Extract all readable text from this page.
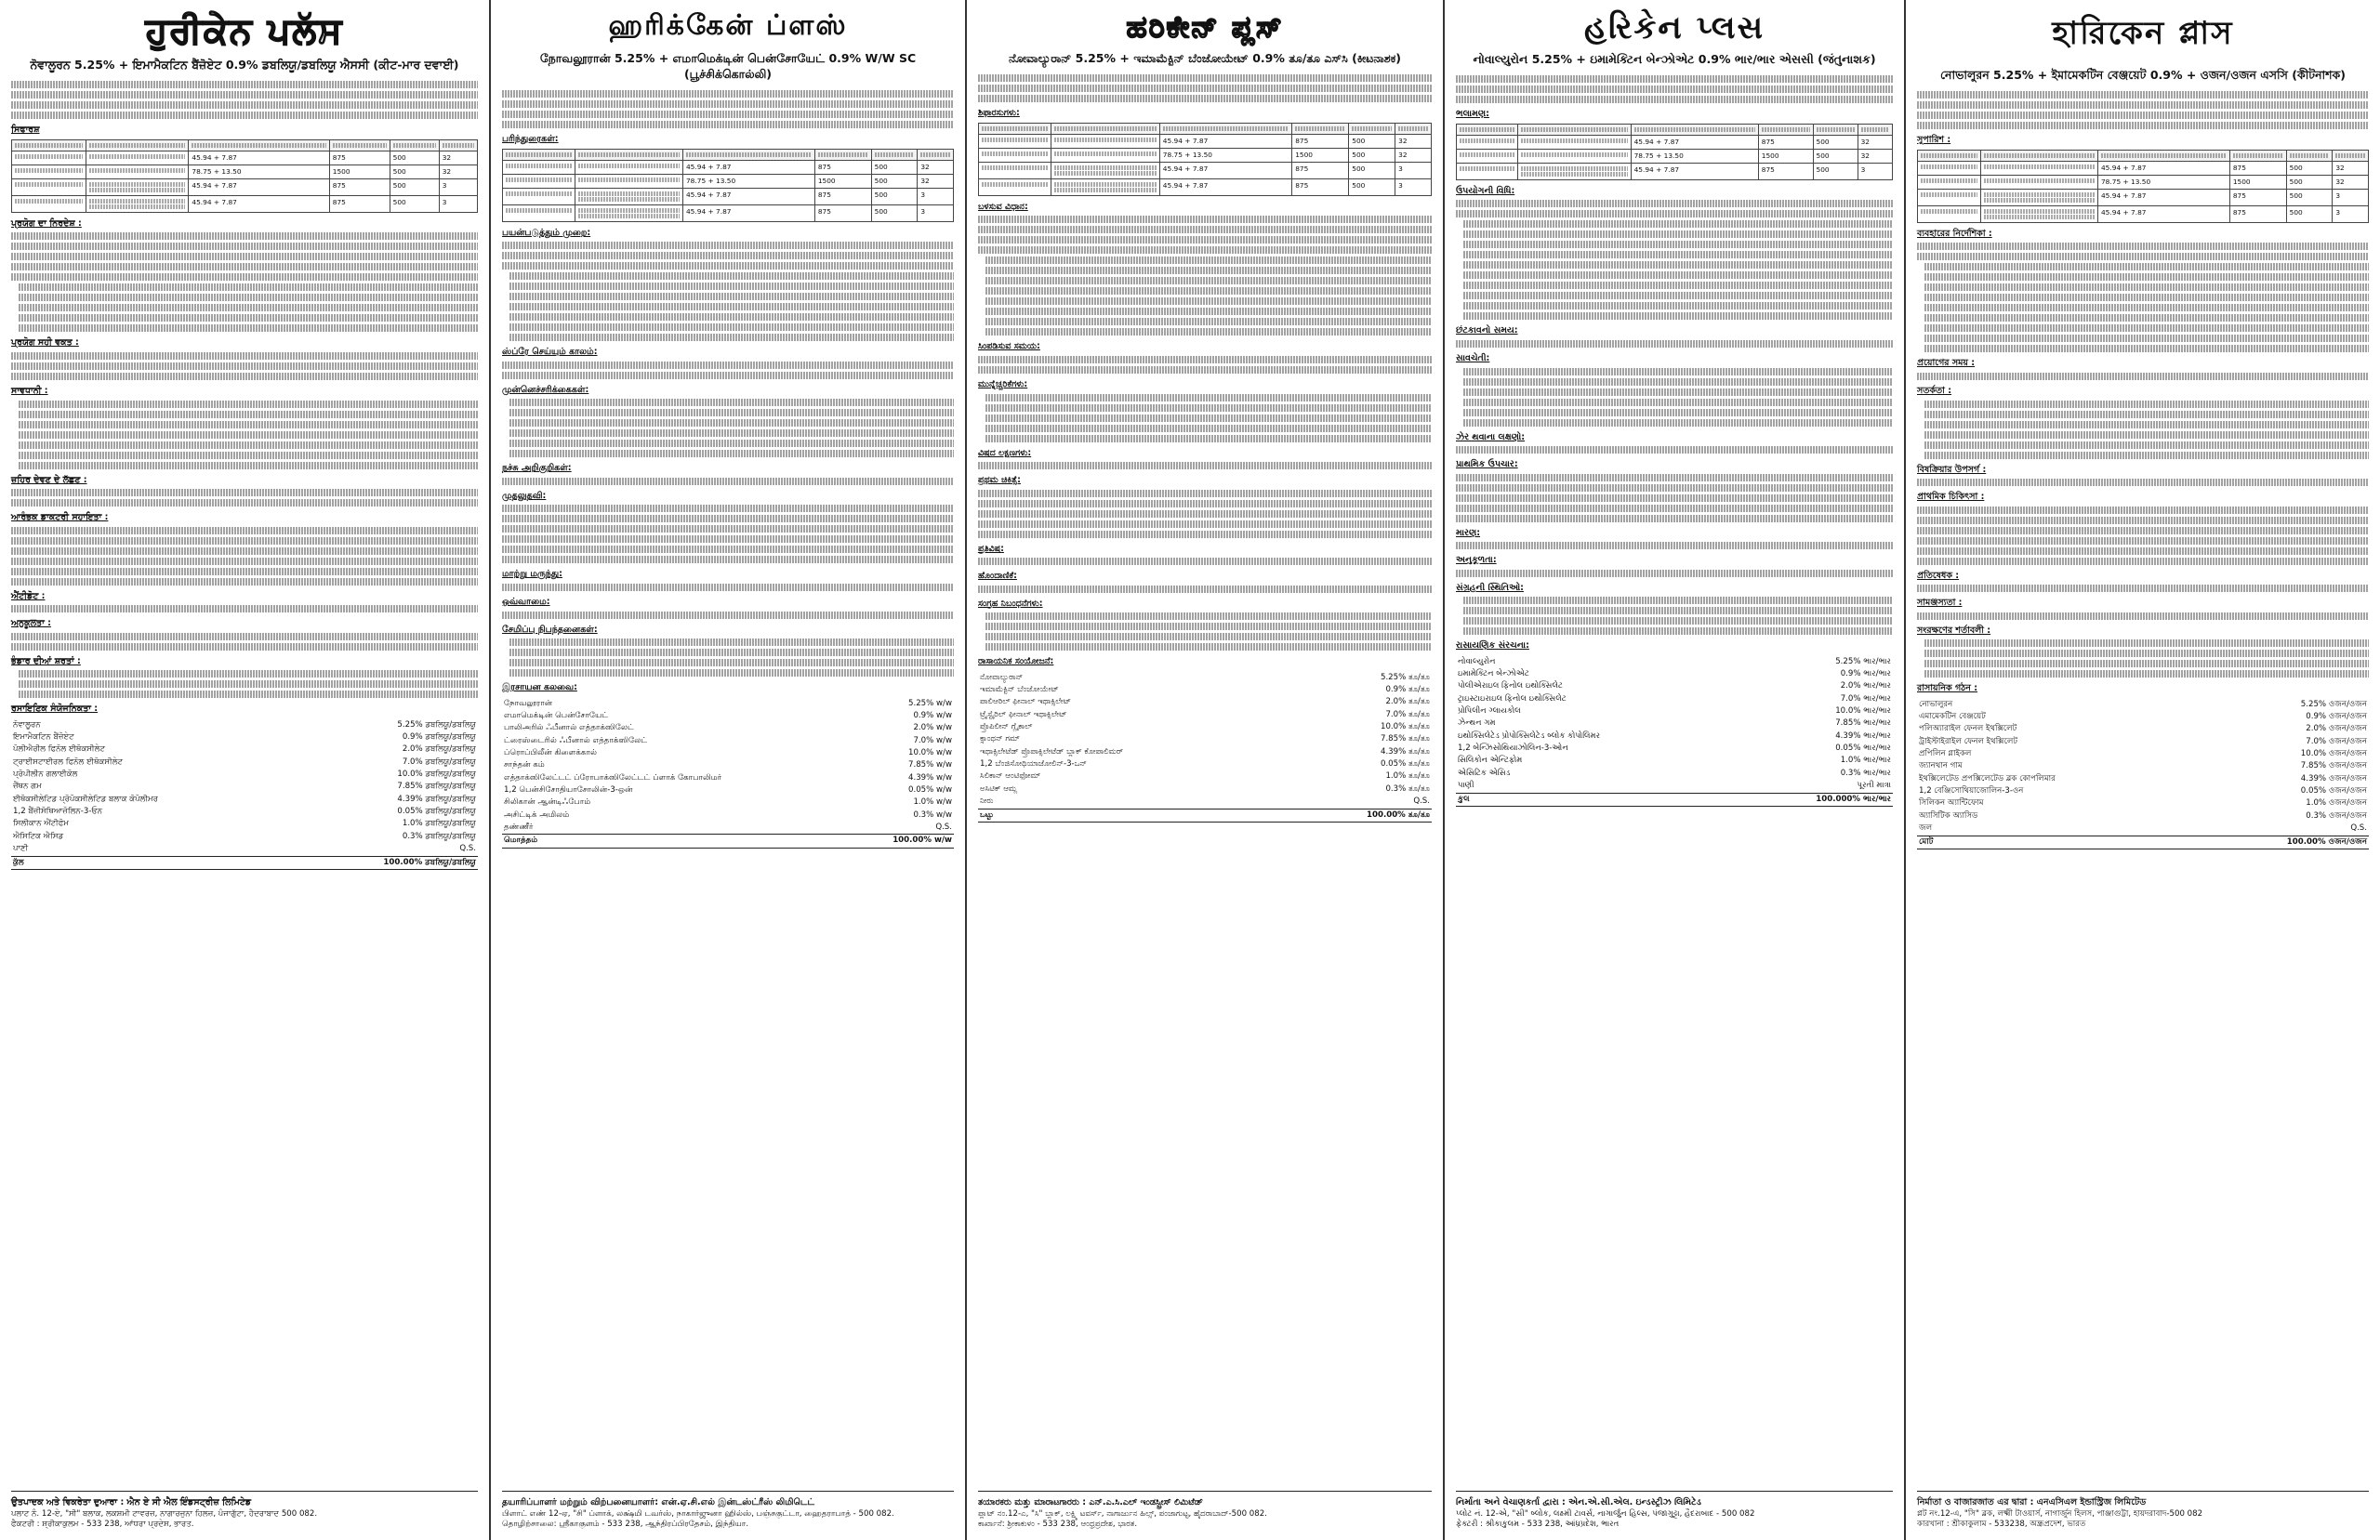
ਹੁਰੀਕੇਨ ਪਲੱਸ

ਨੋਵਾਲੂਰਨ 5.25% + ਇਮਾਮੈਕਟਿਨ ਬੈਂਜ਼ੋਏਟ 0.9% ਡਬਲਿਯੂ/ਡਬਲਿਯੂ ਐਸਸੀ (ਕੀਟ-ਮਾਰ ਦਵਾਈ)

ਸਿਫਾਰਸ਼

	45.94 + 7.87	875	500	32

	78.75 + 13.50	1500	500	32

	45.94 + 7.87	875	500	3

	45.94 + 7.87	875	500	3
ਪ੍ਰਯੋਗ ਦਾ ਨਿਰਦੇਸ਼ :
ਪ੍ਰਯੋਗ ਸਹੀ ਵਕਤ :
ਸਾਵਧਾਨੀ :
ਜ਼ਹਿਰ ਦੇਵਣ ਦੇ ਲੱਛਣ :
ਆਰੰਭਕ ਡਾਕਟਰੀ ਸਹਾਇਤਾ :
ਐਂਟੀਡੋਟ :
ਅਨੁਕੂਲਤਾ :
ਭੰਡਾਰ ਦੀਆਂ ਸ਼ਰਤਾਂ :
ਰਸਾਇਣਿਕ ਸੰਯੋਜਨਿਕਤਾ :
ਨੋਵਾਲੂਰਨ	5.25% ਡਬਲਿਯੂ/ਡਬਲਿਯੂ
ਇਮਾਮੈਕਟਿਨ ਬੈਂਜ਼ੋਏਟ	0.9% ਡਬਲਿਯੂ/ਡਬਲਿਯੂ
ਪੋਲੀਐਰੀਲ ਫਿਨੋਲ ਈਥੋਕਸੀਲੇਟ	2.0% ਡਬਲਿਯੂ/ਡਬਲਿਯੂ
ਟ੍ਰਾਈਸਟਾਈਰਲ ਫਿਨੋਲ ਈਥੋਕਸੀਲੇਟ	7.0% ਡਬਲਿਯੂ/ਡਬਲਿਯੂ
ਪ੍ਰੋਪੀਲੀਨ ਗਲਾਈਕੋਲ	10.0% ਡਬਲਿਯੂ/ਡਬਲਿਯੂ
ਜ਼ੈਂਥਨ ਗਮ	7.85% ਡਬਲਿਯੂ/ਡਬਲਿਯੂ
ਈਥੋਕਸੀਲੇਟਿਡ ਪ੍ਰੋਪੋਕਸੀਲੇਟਿਡ ਬਲਾਕ ਕੋਪੋਲੀਮਰ	4.39% ਡਬਲਿਯੂ/ਡਬਲਿਯੂ
1,2 ਬੈਂਜ਼ੀਸੋਥਿਆਜ਼ੋਲਿਨ-3-ਓਨ	0.05% ਡਬਲਿਯੂ/ਡਬਲਿਯੂ
ਸਿਲੀਕਾਨ ਐਂਟੀਫੋਮ	1.0% ਡਬਲਿਯੂ/ਡਬਲਿਯੂ
ਐਸਿਟਿਕ ਐਸਿਡ	0.3% ਡਬਲਿਯੂ/ਡਬਲਿਯੂ
ਪਾਣੀ	Q.S.
ਕੁੱਲ	100.00% ਡਬਲਿਯੂ/ਡਬਲਿਯੂ
ਉਤਪਾਦਕ ਅਤੇ ਵਿਕਰੇਤਾ ਦੁਆਰਾ : ਐਨ ਏ ਸੀ ਐਲ ਇੰਡਸਟ੍ਰੀਜ਼ ਲਿਮਿਟੇਡ
ਪਲਾਟ ਨੰ. 12-ਏ, "ਸੀ" ਬਲਾਕ, ਲਕਸ਼ਮੀ ਟਾਵਰਜ਼, ਨਾਗਾਰਜੁਨਾ ਹਿਲਜ਼, ਪੰਜਾਗੁੱਟਾ, ਹੈਦਰਾਬਾਦ 500 082.
ਫੈਕਟਰੀ : ਸ਼੍ਰੀਕਾਕੁਲਮ - 533 238, ਆਂਧਰਾ ਪ੍ਰਦੇਸ਼, ਭਾਰਤ.
ஹரிக்கேன் ப்ளஸ்

நோவலூரான் 5.25% + எமாமெக்டின் பென்சோயேட் 0.9% W/W SC (பூச்சிக்கொல்லி)

பரிந்துரைகள்:

	45.94 + 7.87	875	500	32

	78.75 + 13.50	1500	500	32

	45.94 + 7.87	875	500	3

	45.94 + 7.87	875	500	3
பயன்படுத்தும் முறை:
ஸ்ப்ரே செய்யும் காலம்:
முன்னெச்சரிக்கைகள்:
நச்சு அறிகுறிகள்:
முதலுதவி:
மாற்று மருந்து:
ஒவ்வாமை:
சேமிப்பு நிபந்தனைகள்:
இரசாயன கலவை:
நோவலூரான்	5.25% w/w
எமாமெக்டின் பென்சோயேட்	0.9% w/w
பாலிஅரில் ஃபீனால் எத்தாக்ஸிலேட்	2.0% w/w
ட்ரைஸ்டைரில் ஃபீனால் எத்தாக்ஸிலேட்	7.0% w/w
ப்ரொப்பிலீன் கிளைக்கால்	10.0% w/w
சாந்தன் கம்	7.85% w/w
எத்தாக்ஸிலேட்டட் ப்ரோபாக்ஸிலேட்டட் ப்ளாக் கோபாலிமர்	4.39% w/w
1,2 பென்சிசோதியாசோலின்-3-ஒன்	0.05% w/w
சிலிகான் ஆன்டிஃபோம்	1.0% w/w
அசிட்டிக் அமிலம்	0.3% w/w
தண்ணீர்	Q.S.
மொத்தம்	100.00% w/w
தயாரிப்பாளர் மற்றும் விற்பனையாளர்: என்.ஏ.சி.எல் இன்டஸ்ட்ரீஸ் லிமிடெட்
பிளாட் எண் 12-ஏ, "சி" ப்ளாக், லக்ஷ்மி டவர்ஸ், நாகார்ஜுனா ஹில்ஸ், பஞ்சகுட்டா, ஹைதராபாத் - 500 082.
தொழிற்சாலை: ஸ்ரீகாகுளம் - 533 238, ஆந்திரப்பிரதேசம், இந்தியா.
ಹರಿಕೇನ್ ಪ್ಲಸ್

ನೋವಾಲ್ಯುರಾನ್ 5.25% + ಇಮಾಮೆಕ್ಟಿನ್ ಬೆಂಜೋಯೇಟ್ 0.9% ತೂ/ತೂ ಎಸ್‌ಸಿ (ಕೀಟನಾಶಕ)

ಶಿಫಾರಸುಗಳು:

	45.94 + 7.87	875	500	32

	78.75 + 13.50	1500	500	32

	45.94 + 7.87	875	500	3

	45.94 + 7.87	875	500	3
ಬಳಸುವ ವಿಧಾನ:
ಸಿಂಪಡಿಸುವ ಸಮಯ:
ಮುನ್ನೆಚ್ಚರಿಕೆಗಳು:
ವಿಷದ ಲಕ್ಷಣಗಳು:
ಪ್ರಥಮ ಚಿಕಿತ್ಸೆ:
ಪ್ರತಿವಿಷ:
ಹೊಂದಾಣಿಕೆ:
ಸಂಗ್ರಹ ನಿಬಂಧನೆಗಳು:
ರಾಸಾಯನಿಕ ಸಂಯೋಜನೆ:
ನೋವಾಲ್ಯುರಾನ್	5.25% ತೂ/ತೂ
ಇಮಾಮೆಕ್ಟಿನ್ ಬೆಂಜೋಯೇಟ್	0.9% ತೂ/ತೂ
ಪಾಲಿಆರಿಲ್ ಫೀನಾಲ್ ಇಥಾಕ್ಸಿಲೇಟ್	2.0% ತೂ/ತೂ
ಟ್ರೈಸ್ಟೈರಿಲ್ ಫೀನಾಲ್ ಇಥಾಕ್ಸಿಲೇಟ್	7.0% ತೂ/ತೂ
ಪ್ರೊಪಿಲೀನ್ ಗ್ಲೈಕಾಲ್	10.0% ತೂ/ತೂ
ಕ್ಸಾಂಥನ್ ಗಮ್	7.85% ತೂ/ತೂ
ಇಥಾಕ್ಸಿಲೇಟೆಡ್ ಪ್ರೊಪಾಕ್ಸಿಲೇಟೆಡ್ ಬ್ಲಾಕ್ ಕೋಪಾಲಿಮರ್	4.39% ತೂ/ತೂ
1,2 ಬೆಂಜಿಸೋಥಿಯಾಜೋಲಿನ್-3-ಒನ್	0.05% ತೂ/ತೂ
ಸಿಲಿಕಾನ್ ಆಂಟಿಫೋಮ್	1.0% ತೂ/ತೂ
ಅಸಿಟಿಕ್ ಆಮ್ಲ	0.3% ತೂ/ತೂ
ನೀರು	Q.S.
ಒಟ್ಟು	100.00% ತೂ/ತೂ
ತಯಾರಕರು ಮತ್ತು ಮಾರಾಟಗಾರರು : ಎನ್.ಎ.ಸಿ.ಎಲ್ ಇಂಡಸ್ಟ್ರೀಸ್ ಲಿಮಿಟೆಡ್
ಪ್ಲಾಟ್ ನಂ.12-ಎ, "ಸಿ" ಬ್ಲಾಕ್, ಲಕ್ಷ್ಮಿ ಟವರ್ಸ್, ನಾಗಾರ್ಜುನ ಹಿಲ್ಸ್, ಪಂಜಾಗುಟ್ಟ, ಹೈದರಾಬಾದ್-500 082.
ಕಾರ್ಖಾನೆ: ಶ್ರೀಕಾಕುಳಂ - 533 238, ಆಂಧ್ರಪ್ರದೇಶ, ಭಾರತ.
હરિકેન પ્લસ

નોવાલ્યુરોન 5.25% + ઇમામેક્ટિન બેન્ઝોએટ 0.9% ભાર/ભાર એસસી (જંતુનાશક)

ભલામણ:

	45.94 + 7.87	875	500	32

	78.75 + 13.50	1500	500	32

	45.94 + 7.87	875	500	3
ઉપયોગની વિધિ:
છંટકાવનો સમય:
સાવચેતી:
ઝેર થવાના લક્ષણો:
પ્રાથમિક ઉપચાર:
મારણ:
અનુકૂળતા:
સંગ્રહની સ્થિતિઓ:
રાસાયણિક સંરચના:
નોવાલ્યુરોન	5.25% ભાર/ભાર
ઇમામેક્ટિન બેન્ઝોએટ	0.9% ભાર/ભાર
પોલીએરાઇલ ફિનોલ ઇથોક્સિલેટ	2.0% ભાર/ભાર
ટ્રાઇસ્ટાઇરાઇલ ફિનોલ ઇથોક્સિલેટ	7.0% ભાર/ભાર
પ્રોપિલીન ગ્લાયકોલ	10.0% ભાર/ભાર
ઝેન્થન ગમ	7.85% ભાર/ભાર
ઇથોક્સિલેટેડ પ્રોપોક્સિલેટેડ બ્લોક કોપોલિમર	4.39% ભાર/ભાર
1,2 બેન્ઝિસોથિયાઝોલિન-3-ઓન	0.05% ભાર/ભાર
સિલિકોન એન્ટિફોમ	1.0% ભાર/ભાર
એસિટિક એસિડ	0.3% ભાર/ભાર
પાણી	પૂરતી માત્રા
કુલ	100.000% ભાર/ભાર
નિર્માતા અને વેચાણકર્તા દ્વારા : એન.એ.સી.એલ. ઇન્ડસ્ટ્રીઝ લિમિટેડ
પ્લોટ નં. 12-એ, "સી" બ્લોક, લક્ષ્મી ટાવર્સ, નાગાર્જુન હિલ્સ, પંજાગુટ્ટા, હૈદરાબાદ - 500 082
ફેક્ટરી : શ્રીકાકુલમ - 533 238, આંધ્રપ્રદેશ, ભારત
হারিকেন প্লাস

নোভালুরন 5.25% + ইমামেকটিন বেঞ্জয়েট 0.9% + ওজন/ওজন এসসি (কীটনাশক)

সুপারিশ :

	45.94 + 7.87	875	500	32

	78.75 + 13.50	1500	500	32

	45.94 + 7.87	875	500	3

	45.94 + 7.87	875	500	3
ব্যবহারের নির্দেশিকা :
প্রয়োগের সময় :
সতর্কতা :
বিষক্রিয়ার উপসর্গ :
প্রাথমিক চিকিৎসা :
প্রতিষেধক :
সামঞ্জস্যতা :
সংরক্ষণের শর্তাবলী :
রাসায়নিক গঠন :
নোভালুরন	5.25% ওজন/ওজন
এমামেকটিন বেঞ্জয়েট	0.9% ওজন/ওজন
পলিঅ্যারাইল ফেনল ইথক্সিলেট	2.0% ওজন/ওজন
ট্রাইস্টাইরাইল ফেনল ইথক্সিলেট	7.0% ওজন/ওজন
প্রপিলিন গ্লাইকল	10.0% ওজন/ওজন
জ্যানথান গাম	7.85% ওজন/ওজন
ইথক্সিলেটেড প্রপক্সিলেটেড ব্লক কোপলিমার	4.39% ওজন/ওজন
1,2 বেঞ্জিসোথিয়াজোলিন-3-ওন	0.05% ওজন/ওজন
সিলিকন অ্যান্টিফোম	1.0% ওজন/ওজন
অ্যাসিটিক অ্যাসিড	0.3% ওজন/ওজন
জল	Q.S.
মোট	100.00% ওজন/ওজন
নির্মাতা ও বাজারজাত এর দ্বারা : এনএসিএল ইন্ডাস্ট্রিজ লিমিটেড
প্লট নং.12-এ, "সি" ব্লক, লক্ষ্মী টাওয়ার্স, নাগার্জুন হিলস, পাঞ্জাগুট্টা, হায়দরাবাদ-500 082
কারখানা : শ্রীকাকুলাম - 533238, অন্ধ্রপ্রদেশ, ভারত
